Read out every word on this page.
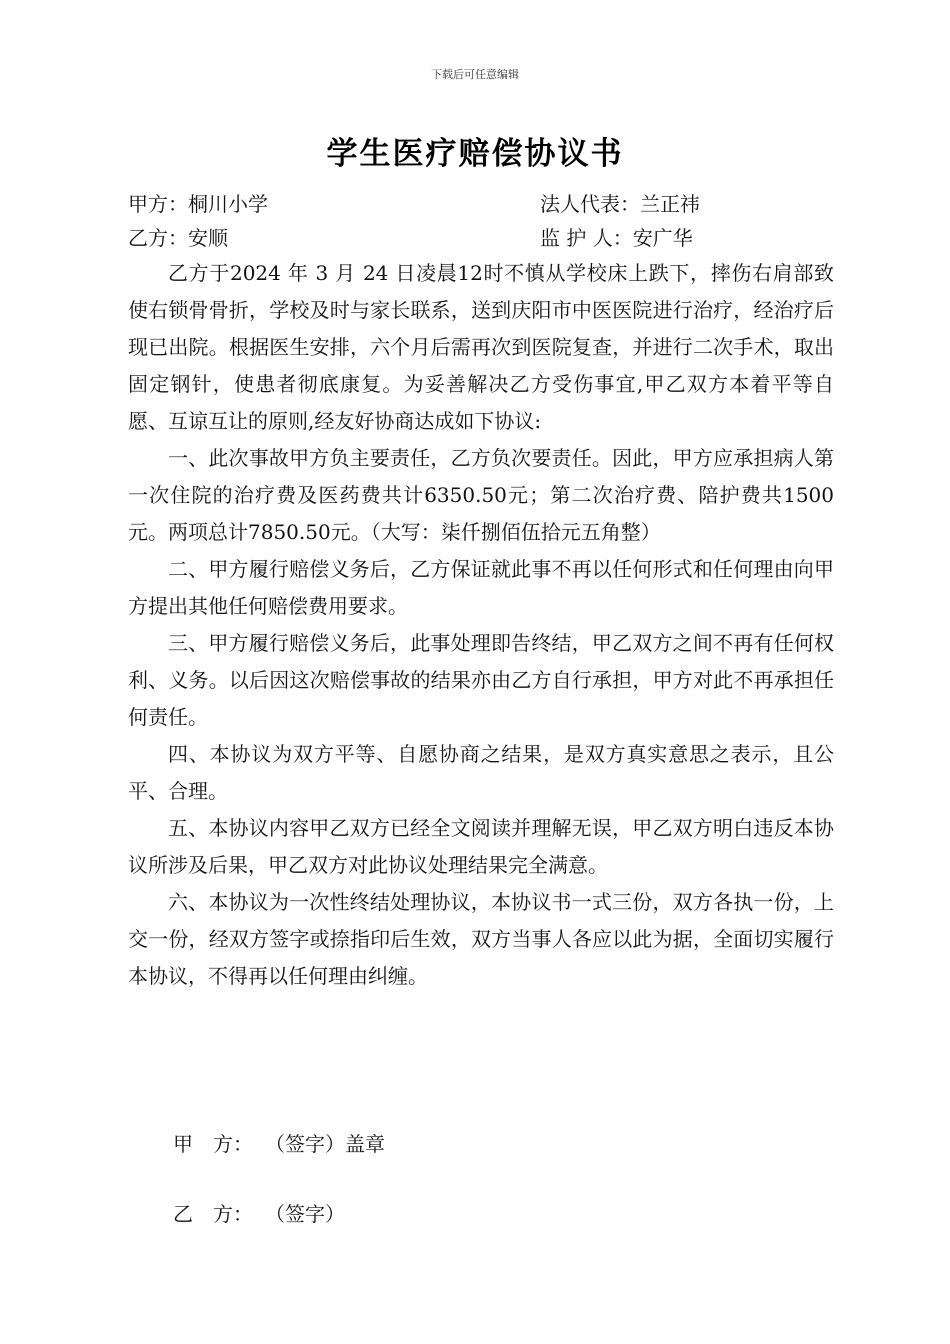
下载后可任意编辑
学生医疗赔偿协议书
甲方：桐川小学	法人代表：兰正祎
乙方：安顺	监 护 人：安广华

乙方于2024 年 3 月 24 日凌晨12时不慎从学校床上跌下，摔伤右肩部致使右锁骨骨折，学校及时与家长联系，送到庆阳市中医医院进行治疗，经治疗后现已出院。根据医生安排，六个月后需再次到医院复查，并进行二次手术，取出固定钢针，使患者彻底康复。为妥善解决乙方受伤事宜,甲乙双方本着平等自愿、互谅互让的原则,经友好协商达成如下协议:

一、此次事故甲方负主要责任，乙方负次要责任。因此，甲方应承担病人第一次住院的治疗费及医药费共计6350.50元；第二次治疗费、陪护费共1500元。两项总计7850.50元。（大写：柒仟捌佰伍拾元五角整）

二、甲方履行赔偿义务后，乙方保证就此事不再以任何形式和任何理由向甲方提出其他任何赔偿费用要求。

三、甲方履行赔偿义务后，此事处理即告终结，甲乙双方之间不再有任何权利、义务。以后因这次赔偿事故的结果亦由乙方自行承担，甲方对此不再承担任何责任。

四、本协议为双方平等、自愿协商之结果，是双方真实意思之表示，且公平、合理。

五、本协议内容甲乙双方已经全文阅读并理解无误，甲乙双方明白违反本协议所涉及后果，甲乙双方对此协议处理结果完全满意。

六、本协议为一次性终结处理协议，本协议书一式三份，双方各执一份，上交一份，经双方签字或捺指印后生效，双方当事人各应以此为据，全面切实履行本协议，不得再以任何理由纠缠。

甲　方： （签字）盖章
乙　方： （签字）
